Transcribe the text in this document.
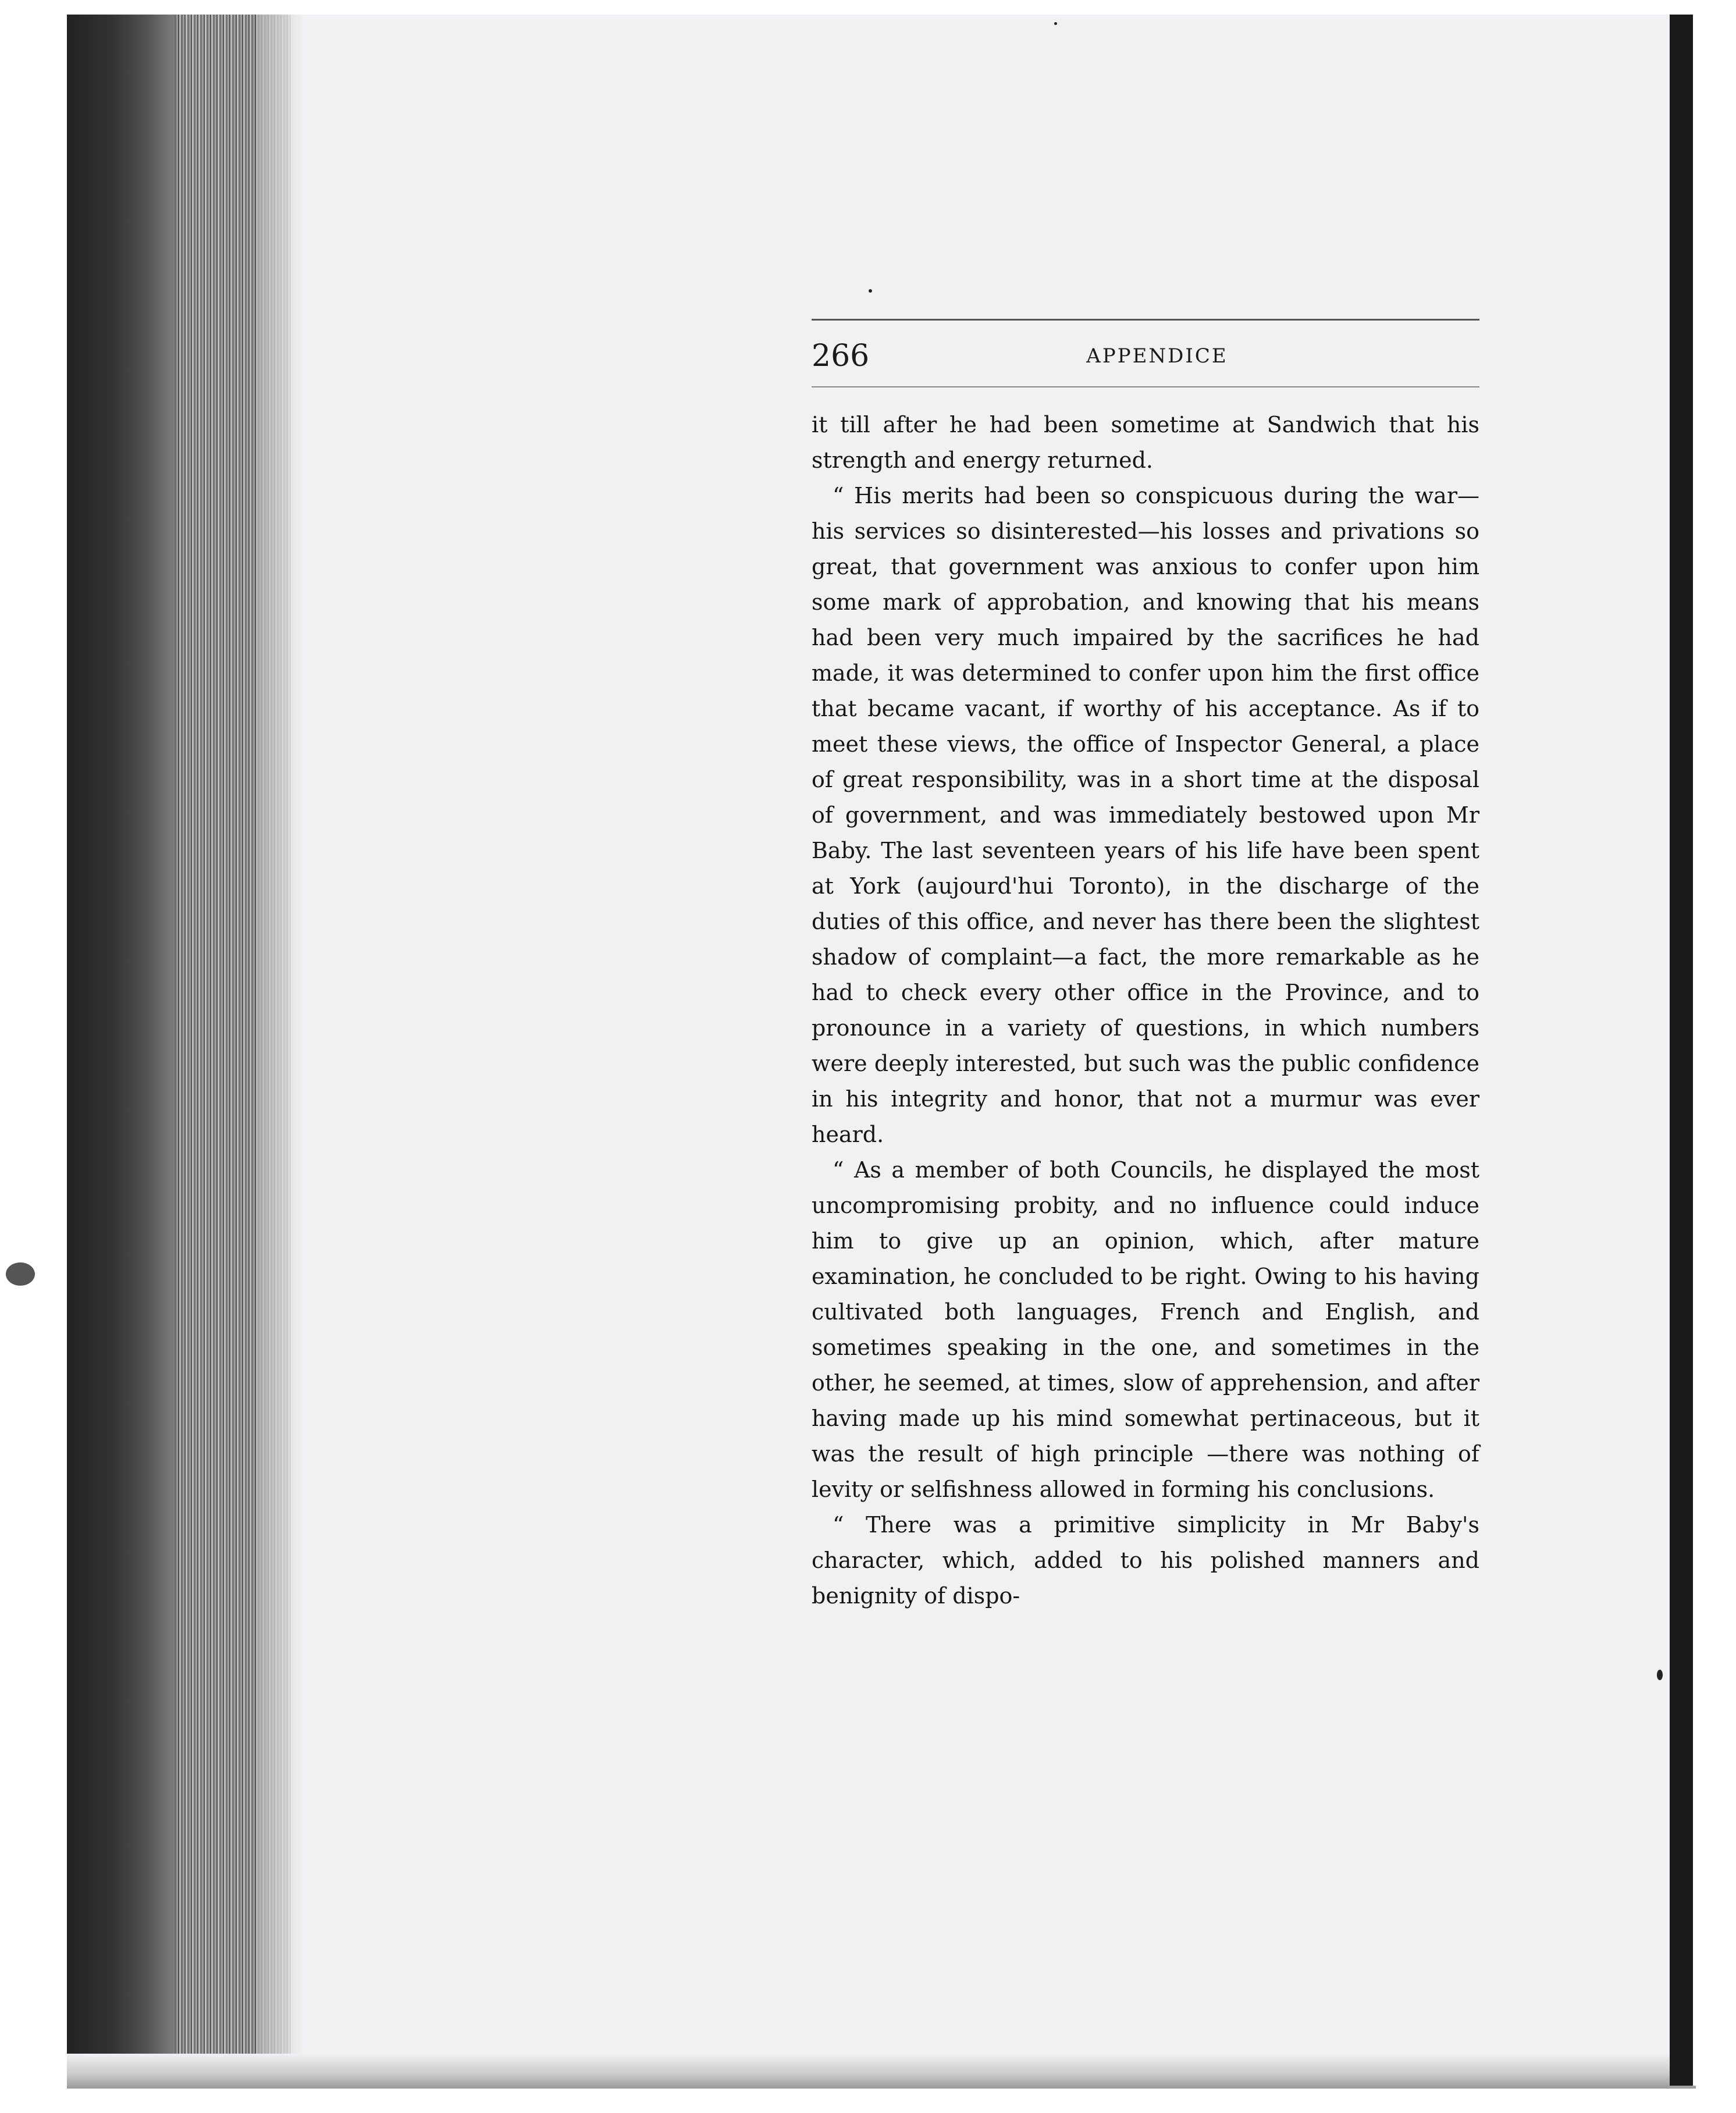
266	APPENDICE

it till after he had been sometime at Sandwich that his strength and energy returned.

“ His merits had been so conspicuous during the war—his services so disinterested—his losses and privations so great, that government was anxious to confer upon him some mark of approbation, and knowing that his means had been very much impaired by the sacrifices he had made, it was determined to confer upon him the first office that became vacant, if worthy of his acceptance. As if to meet these views, the office of Inspector General, a place of great responsibility, was in a short time at the disposal of government, and was immediately bestowed upon Mr Baby. The last seventeen years of his life have been spent at York (aujourd'hui Toronto), in the discharge of the duties of this office, and never has there been the slightest shadow of complaint—a fact, the more remarkable as he had to check every other office in the Province, and to pronounce in a variety of questions, in which numbers were deeply interested, but such was the public confidence in his integrity and honor, that not a murmur was ever heard.

“ As a member of both Councils, he displayed the most uncompromising probity, and no influence could induce him to give up an opinion, which, after mature examination, he concluded to be right. Owing to his having cultivated both languages, French and English, and sometimes speaking in the one, and sometimes in the other, he seemed, at times, slow of apprehension, and after having made up his mind somewhat pertinaceous, but it was the result of high principle —there was nothing of levity or selfishness allowed in forming his conclusions.

“ There was a primitive simplicity in Mr Baby's character, which, added to his polished manners and benignity of dispo-
